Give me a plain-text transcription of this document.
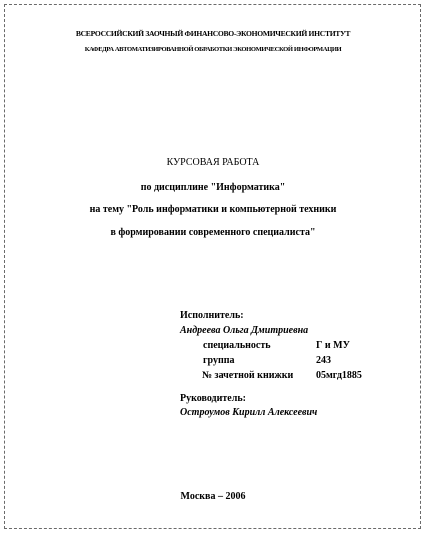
ВСЕРОССИЙСКИЙ ЗАОЧНЫЙ ФИНАНСОВО-ЭКОНОМИЧЕСКИЙ ИНСТИТУТ
КАФЕДРА АВТОМАТИЗИРОВАННОЙ ОБРАБОТКИ ЭКОНОМИЧЕСКОЙ ИНФОРМАЦИИ
КУРСОВАЯ РАБОТА
по дисциплине "Информатика"
на тему "Роль информатики и компьютерной техники
в формировании современного специалиста"
Исполнитель:
Андреева Ольга Дмитриевна
специальность	Г и МУ
группа	243
№ зачетной книжки 05мгд1885
Руководитель:
Остроумов Кирилл Алексеевич
Москва – 2006
